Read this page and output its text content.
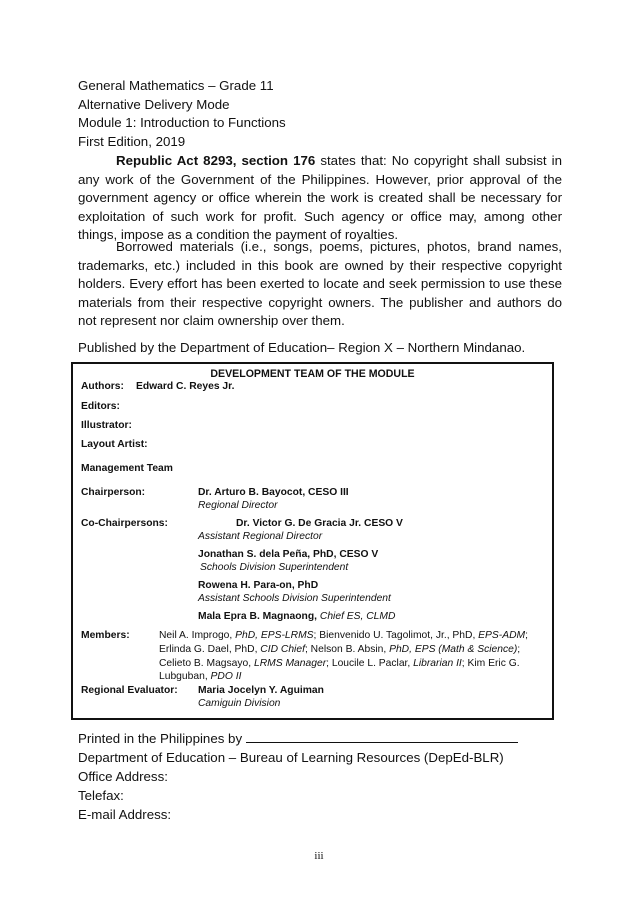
General Mathematics – Grade 11
Alternative Delivery Mode
Module 1: Introduction to Functions
First Edition, 2019
Republic Act 8293, section 176 states that: No copyright shall subsist in any work of the Government of the Philippines. However, prior approval of the government agency or office wherein the work is created shall be necessary for exploitation of such work for profit. Such agency or office may, among other things, impose as a condition the payment of royalties.
Borrowed materials (i.e., songs, poems, pictures, photos, brand names, trademarks, etc.) included in this book are owned by their respective copyright holders. Every effort has been exerted to locate and seek permission to use these materials from their respective copyright owners. The publisher and authors do not represent nor claim ownership over them.
Published by the Department of Education– Region X – Northern Mindanao.
DEVELOPMENT TEAM OF THE MODULE
Authors: Edward C. Reyes Jr.
Editors:
Illustrator:
Layout Artist:
Management Team
Chairperson:	Dr. Arturo B. Bayocot, CESO III
Regional Director
Co-Chairpersons:	Dr. Victor G. De Gracia Jr. CESO V
Assistant Regional Director
Jonathan S. dela Peña, PhD, CESO V
Schools Division Superintendent
Rowena H. Para-on, PhD
Assistant Schools Division Superintendent
Mala Epra B. Magnaong, Chief ES, CLMD
Members:	Neil A. Improgo, PhD, EPS-LRMS; Bienvenido U. Tagolimot, Jr., PhD, EPS-ADM; Erlinda G. Dael, PhD, CID Chief; Nelson B. Absin, PhD, EPS (Math & Science); Celieto B. Magsayo, LRMS Manager; Loucile L. Paclar, Librarian II; Kim Eric G. Lubguban, PDO II
Regional Evaluator: Maria Jocelyn Y. Aguiman
Camiguin Division
Printed in the Philippines by
Department of Education – Bureau of Learning Resources (DepEd-BLR)
Office Address:
Telefax:
E-mail Address:
iii
